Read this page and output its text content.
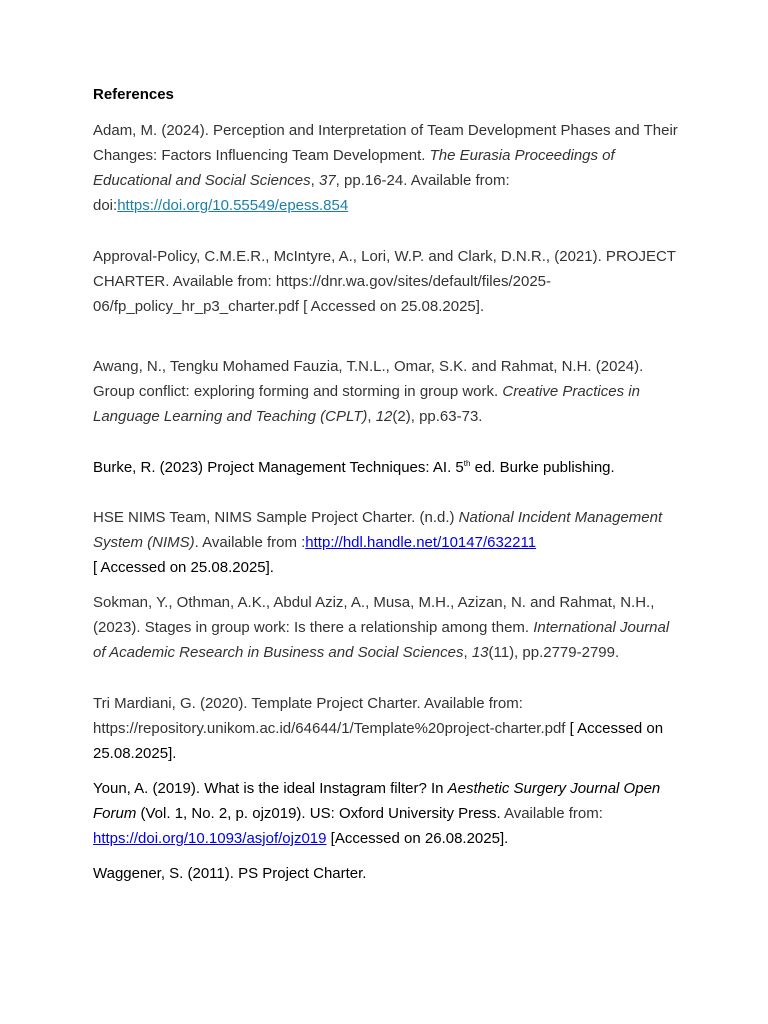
References

Adam, M. (2024). Perception and Interpretation of Team Development Phases and Their Changes: Factors Influencing Team Development. The Eurasia Proceedings of Educational and Social Sciences, 37, pp.16-24. Available from: doi:https://doi.org/10.55549/epess.854

Approval-Policy, C.M.E.R., McIntyre, A., Lori, W.P. and Clark, D.N.R., (2021). PROJECT CHARTER. Available from: https://dnr.wa.gov/sites/default/files/2025-06/fp_policy_hr_p3_charter.pdf [ Accessed on 25.08.2025].

Awang, N., Tengku Mohamed Fauzia, T.N.L., Omar, S.K. and Rahmat, N.H. (2024). Group conflict: exploring forming and storming in group work. Creative Practices in Language Learning and Teaching (CPLT), 12(2), pp.63-73.

Burke, R. (2023) Project Management Techniques: AI. 5th ed. Burke publishing.

HSE NIMS Team, NIMS Sample Project Charter. (n.d.) National Incident Management System (NIMS). Available from :http://hdl.handle.net/10147/632211
[ Accessed on 25.08.2025].

Sokman, Y., Othman, A.K., Abdul Aziz, A., Musa, M.H., Azizan, N. and Rahmat, N.H., (2023). Stages in group work: Is there a relationship among them. International Journal of Academic Research in Business and Social Sciences, 13(11), pp.2779-2799.

Tri Mardiani, G. (2020). Template Project Charter. Available from: https://repository.unikom.ac.id/64644/1/Template%20project-charter.pdf [ Accessed on 25.08.2025].

Youn, A. (2019). What is the ideal Instagram filter? In Aesthetic Surgery Journal Open Forum (Vol. 1, No. 2, p. ojz019). US: Oxford University Press. Available from:
https://doi.org/10.1093/asjof/ojz019 [Accessed on 26.08.2025].

Waggener, S. (2011). PS Project Charter.
